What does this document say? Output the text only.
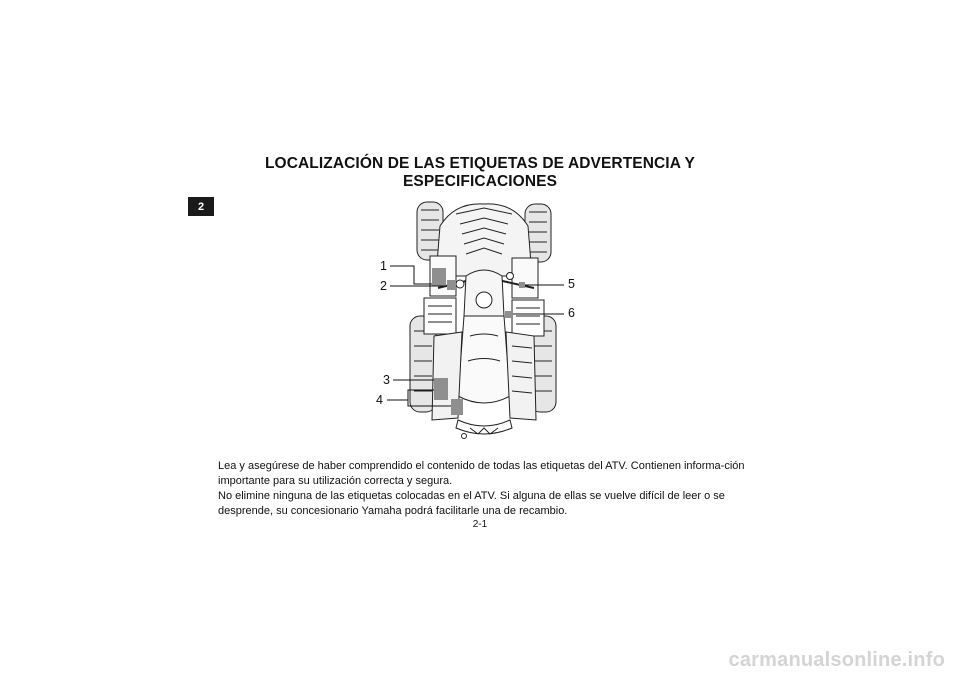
2
LOCALIZACIÓN DE LAS ETIQUETAS DE ADVERTENCIA Y
ESPECIFICACIONES
1
2
3
4
5
6

Lea y asegúrese de haber comprendido el contenido de todas las etiquetas del ATV. Contienen informa-ción importante para su utilización correcta y segura.

No elimine ninguna de las etiquetas colocadas en el ATV. Si alguna de ellas se vuelve difícil de leer o se desprende, su concesionario Yamaha podrá facilitarle una de recambio.

2-1
carmanualsonline.info
